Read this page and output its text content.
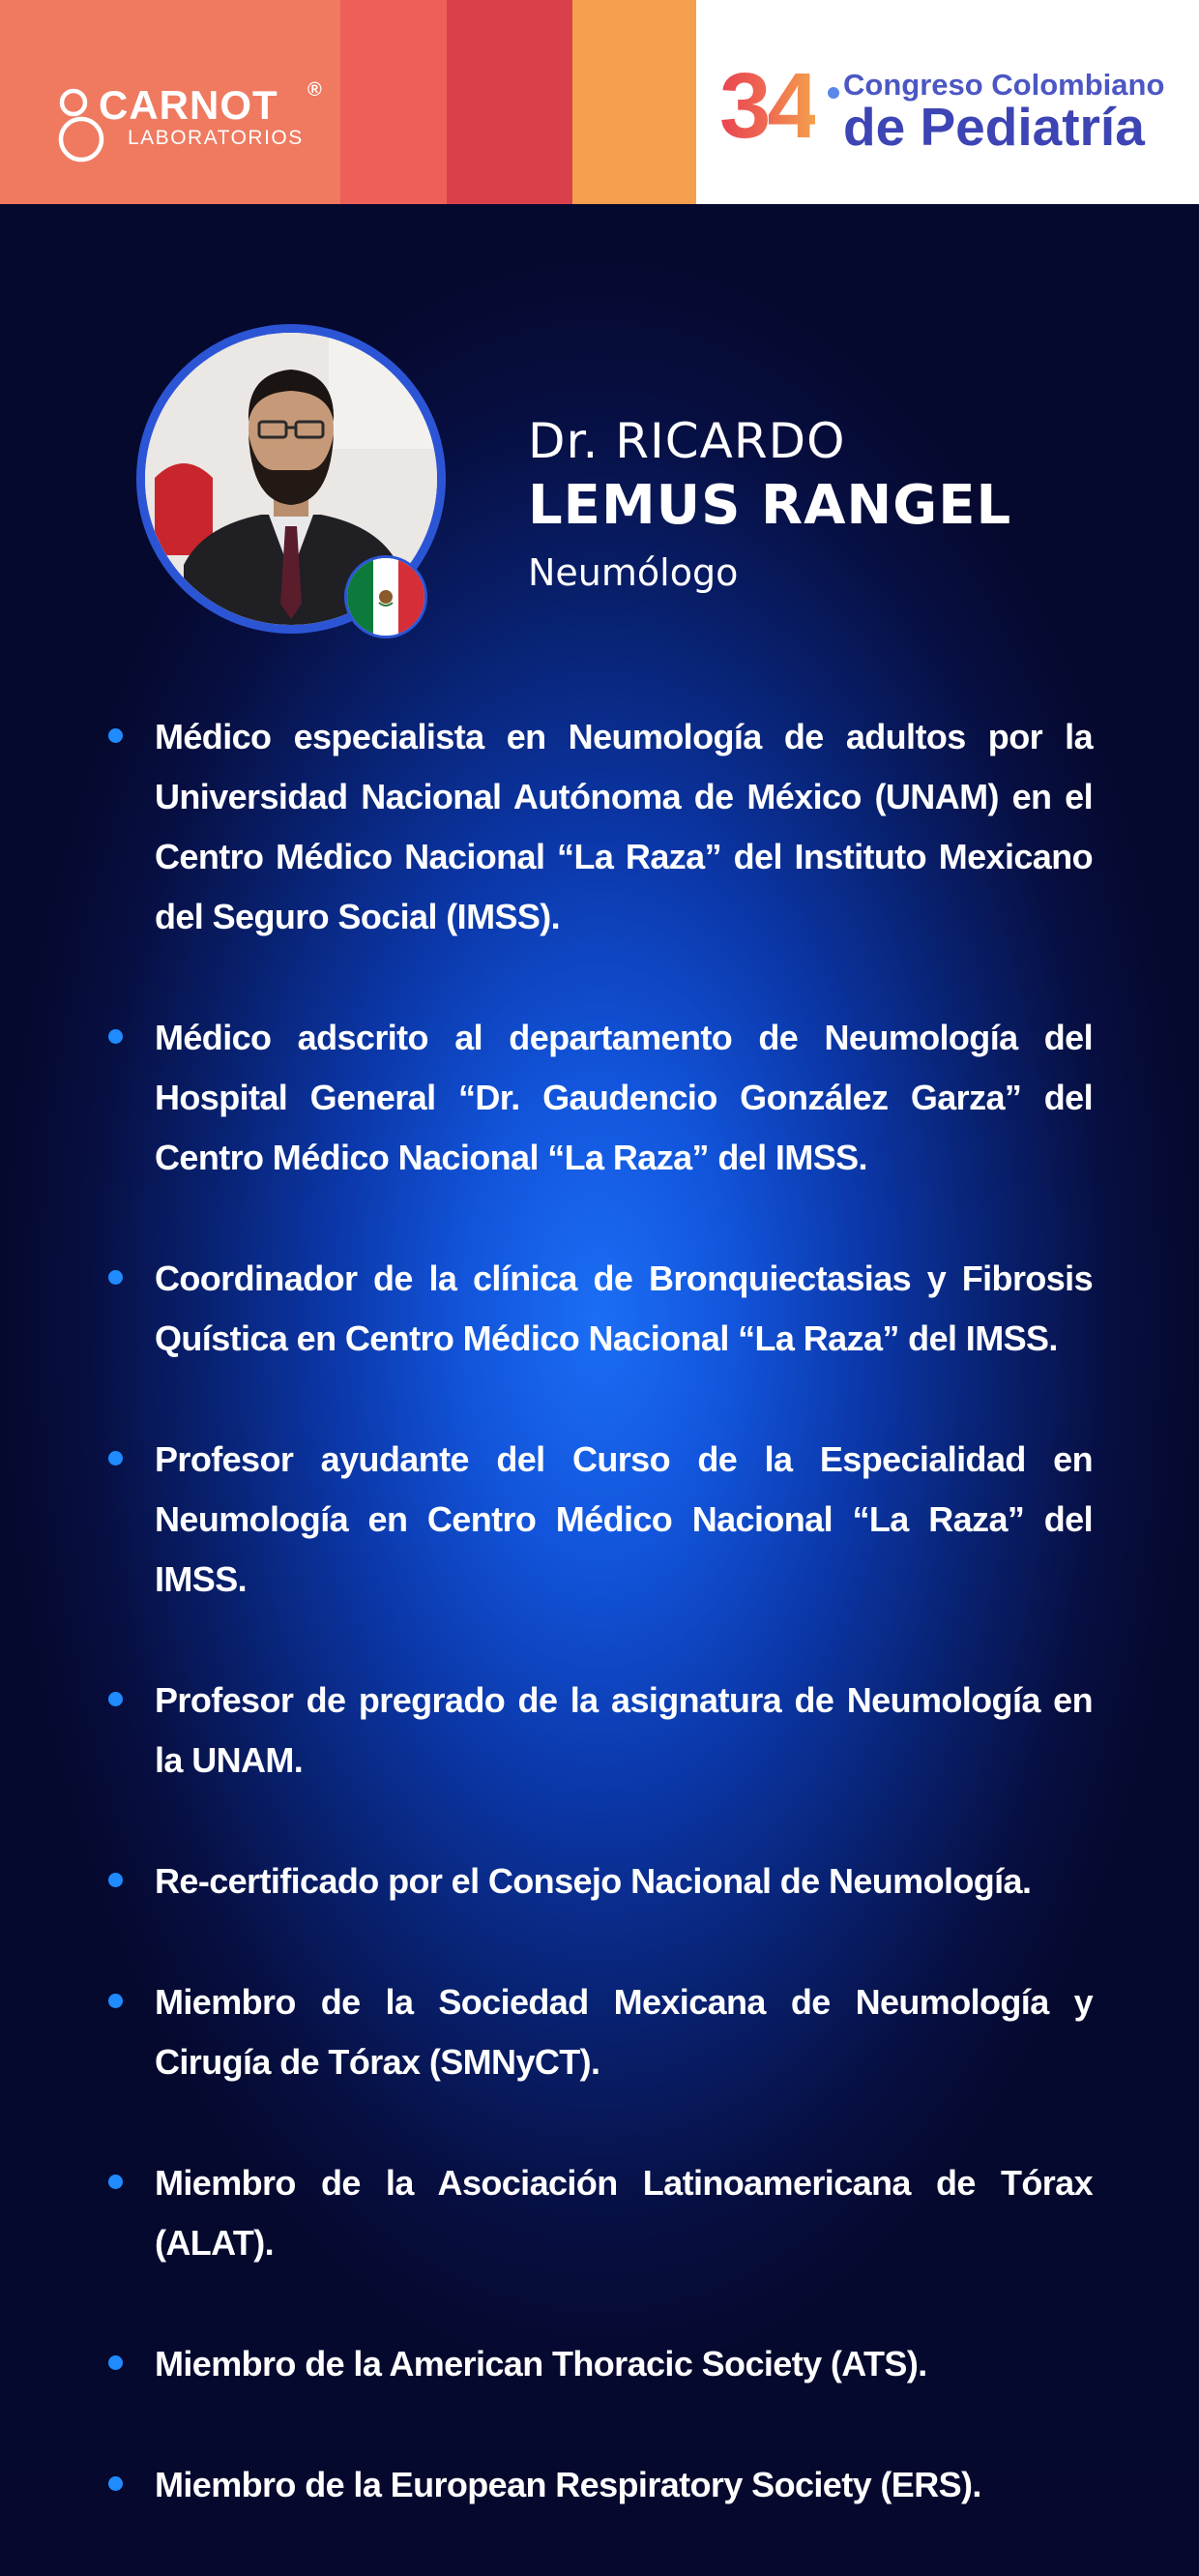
CARNOT ®
LABORATORIOS	34 Congreso Colombiano
de Pediatría
Dr. RICARDO
LEMUS RANGEL
Neumólogo
Médico especialista en Neumología de adultos por la Universidad Nacional Autónoma de México (UNAM) en el Centro Médico Nacional “La Raza” del Instituto Mexicano del Seguro Social (IMSS).
Médico adscrito al departamento de Neumología del Hospital General “Dr. Gaudencio González Garza” del Centro Médico Nacional “La Raza” del IMSS.
Coordinador de la clínica de Bronquiectasias y Fibrosis Quística en Centro Médico Nacional “La Raza” del IMSS.
Profesor ayudante del Curso de la Especialidad en Neumología en Centro Médico Nacional “La Raza” del IMSS.
Profesor de pregrado de la asignatura de Neumología en la UNAM.
Re-certificado por el Consejo Nacional de Neumología.
Miembro de la Sociedad Mexicana de Neumología y Cirugía de Tórax (SMNyCT).
Miembro de la Asociación Latinoamericana de Tórax (ALAT).
Miembro de la American Thoracic Society (ATS).
Miembro de la European Respiratory Society (ERS).
